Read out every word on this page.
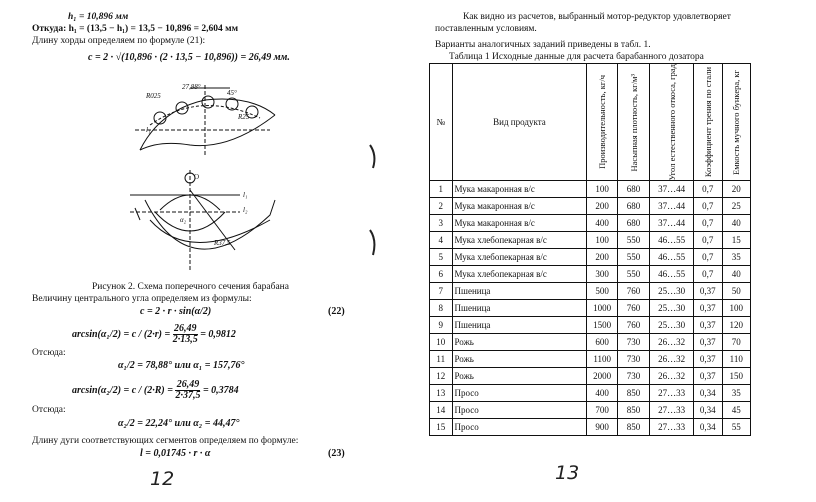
h₁ = 10,896 мм
Откуда: h₁ = (13,5 − h₁) = 13,5 − 10,896 = 2,604 мм
Длину хорды определяем по формуле (21):
c = 2 · √(10,896 · (2 · 13,5 − 10,896)) = 26,49 мм.
R025
27,88°
45°
R25
l₁
O
l₁
l₂
R37,5
α₂
Рисунок 2. Схема поперечного сечения барабана
Величину центрального угла определяем из формулы:
c = 2 · r · sin(α/2)	(22)
$\arcsin(\alpha_1/2) = c / (2\cdot r) = \frac{26,49}{2\cdot 13,5} = 0,9812$
Отсюда:
α₁/2 = 78,88° или α₁ = 157,76°
$\arcsin(\alpha_2/2) = c / (2\cdot R) = \frac{26,49}{2\cdot 37,5} = 0,3784$
Отсюда:
α₂/2 = 22,24° или α₂ = 44,47°
Длину дуги соответствующих сегментов определяем по формуле:
l = 0,01745 · r · α	(23)
12
Как видно из расчетов, выбранный мотор-редуктор удовлетворяет
поставленным условиям.
Варианты аналогичных заданий приведены в табл. 1.
Таблица 1 Исходные данные для расчета барабанного дозатора
№	Вид продукта	Производительность, кг/ч	Насыпная плотность, кг/м³	Угол естественного откоса, град	Коэффициент трения по стали	Емкость мучного бункера, кг

1	Мука макаронная в/с	100	680	37…44	0,7	20
2	Мука макаронная в/с	200	680	37…44	0,7	25
3	Мука макаронная в/с	400	680	37…44	0,7	40
4	Мука хлебопекарная в/с	100	550	46…55	0,7	15
5	Мука хлебопекарная в/с	200	550	46…55	0,7	35
6	Мука хлебопекарная в/с	300	550	46…55	0,7	40
7	Пшеница	500	760	25…30	0,37	50
8	Пшеница	1000	760	25…30	0,37	100
9	Пшеница	1500	760	25…30	0,37	120
10	Рожь	600	730	26…32	0,37	70
11	Рожь	1100	730	26…32	0,37	110
12	Рожь	2000	730	26…32	0,37	150
13	Просо	400	850	27…33	0,34	35
14	Просо	700	850	27…33	0,34	45
15	Просо	900	850	27…33	0,34	55
13
